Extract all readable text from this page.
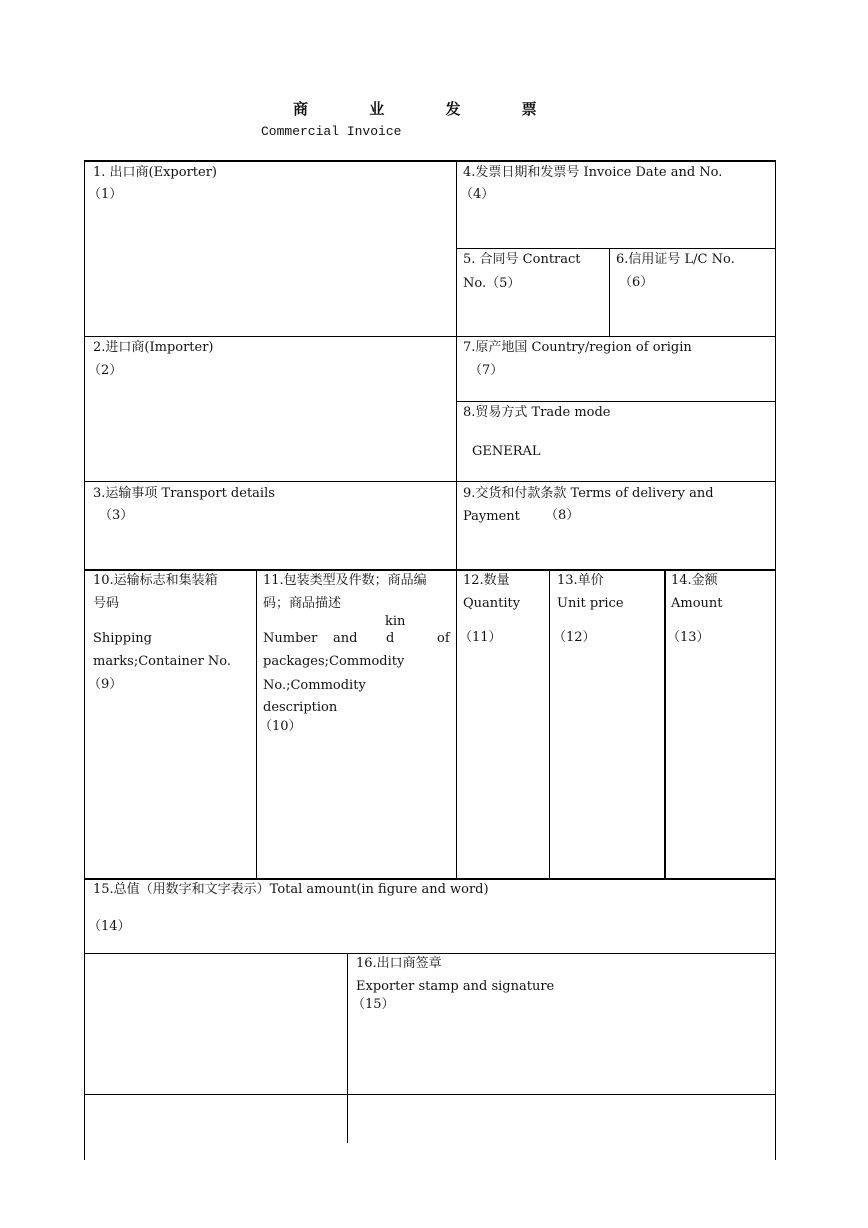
商 业 发 票
Commercial Invoice
1. 出口商(Exporter)
（1）
4.发票日期和发票号 Invoice Date and No.
（4）
5. 合同号 Contract
No.（5）
6.信用证号 L/C No.
（6）
2.进口商(Importer)
（2）
7.原产地国 Country/region of origin
（7）
8.贸易方式 Trade mode
GENERAL
3.运输事项 Transport details
（3）
9.交货和付款条款 Terms of delivery and
Payment （8）
10.运输标志和集装箱
号码
Shipping
marks;Container No.
（9）
11.包装类型及件数；商品编
码；商品描述
kin
Number and d	of
packages;Commodity
No.;Commodity
description
（10）
12.数量
Quantity
（11）
13.单价
Unit price
（12）
14.金额
Amount
（13）
15.总值（用数字和文字表示）Total amount(in figure and word)
（14）
16.出口商签章
Exporter stamp and signature
（15）
